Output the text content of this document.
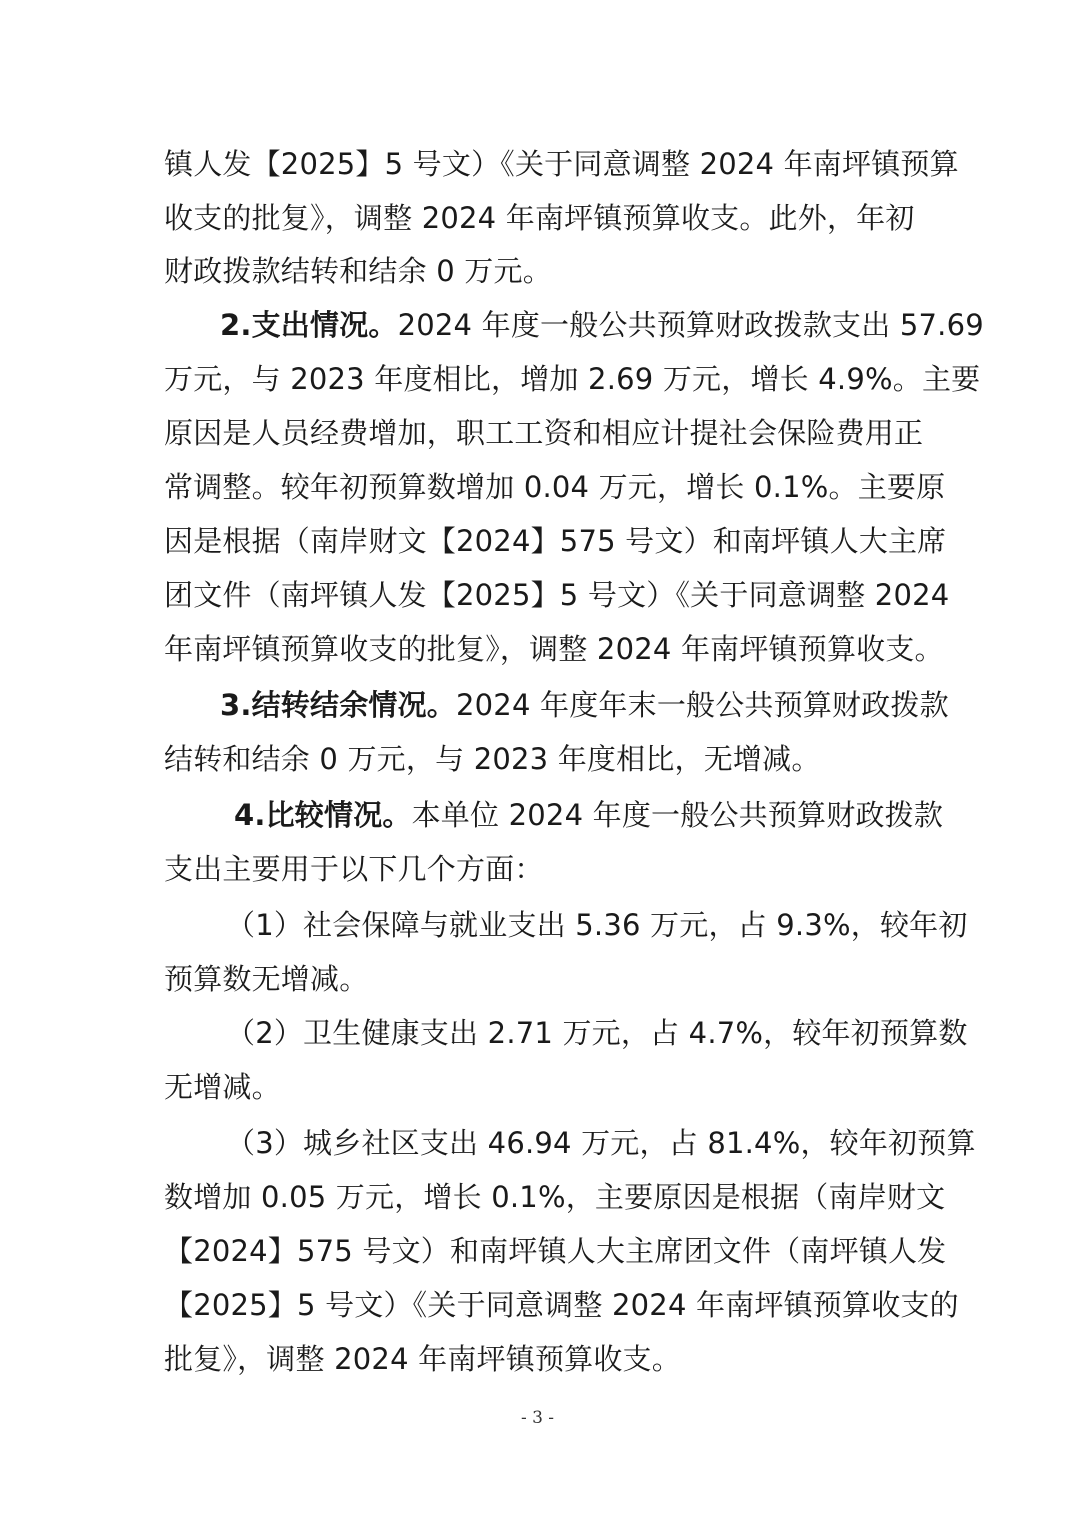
镇人发【2025】5 号文）《关于同意调整 2024 年南坪镇预算
收支的批复》，调整 2024 年南坪镇预算收支。此外，年初
财政拨款结转和结余 0 万元。
2.支出情况。2024 年度一般公共预算财政拨款支出 57.69
万元，与 2023 年度相比，增加 2.69 万元，增长 4.9%。主要
原因是人员经费增加，职工工资和相应计提社会保险费用正
常调整。较年初预算数增加 0.04 万元，增长 0.1%。主要原
因是根据（南岸财文【2024】575 号文）和南坪镇人大主席
团文件（南坪镇人发【2025】5 号文）《关于同意调整 2024
年南坪镇预算收支的批复》，调整 2024 年南坪镇预算收支。
3.结转结余情况。2024 年度年末一般公共预算财政拨款
结转和结余 0 万元，与 2023 年度相比，无增减。
4.比较情况。本单位 2024 年度一般公共预算财政拨款
支出主要用于以下几个方面：
（1）社会保障与就业支出 5.36 万元，占 9.3%，较年初
预算数无增减。
（2）卫生健康支出 2.71 万元，占 4.7%，较年初预算数
无增减。
（3）城乡社区支出 46.94 万元，占 81.4%，较年初预算
数增加 0.05 万元，增长 0.1%，主要原因是根据（南岸财文
【2024】575 号文）和南坪镇人大主席团文件（南坪镇人发
【2025】5 号文）《关于同意调整 2024 年南坪镇预算收支的
批复》，调整 2024 年南坪镇预算收支。
- 3 -
